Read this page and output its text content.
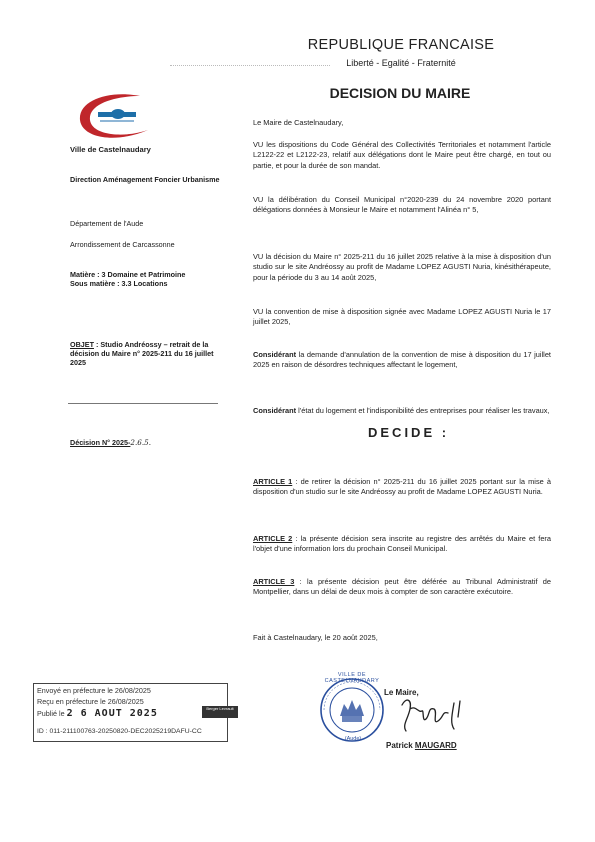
REPUBLIQUE FRANCAISE
Liberté - Egalité - Fraternité
DECISION DU MAIRE
Ville de Castelnaudary
Direction Aménagement Foncier Urbanisme
Département de l'Aude
Arrondissement de Carcassonne
Matière : 3 Domaine et Patrimoine
Sous matière : 3.3 Locations
OBJET : Studio Andréossy – retrait de la décision du Maire n° 2025-211 du 16 juillet 2025
Décision N° 2025-2.6.5.
Le Maire de Castelnaudary,
VU les dispositions du Code Général des Collectivités Territoriales et notamment l'article L2122-22 et L2122-23, relatif aux délégations dont le Maire peut être chargé, en tout ou partie, et pour la durée de son mandat.
VU la délibération du Conseil Municipal n°2020-239 du 24 novembre 2020 portant délégations données à Monsieur le Maire et notamment l'Alinéa n° 5,
VU la décision du Maire n° 2025-211 du 16 juillet 2025 relative à la mise à disposition d'un studio sur le site Andréossy au profit de Madame LOPEZ AGUSTI Nuria, kinésithérapeute, pour la période du 3 au 14 août 2025,
VU la convention de mise à disposition signée avec Madame LOPEZ AGUSTI Nuria le 17 juillet 2025,
Considérant la demande d'annulation de la convention de mise à disposition du 17 juillet 2025 en raison de désordres techniques affectant le logement,
Considérant l'état du logement et l'indisponibilité des entreprises pour réaliser les travaux,
DECIDE :
ARTICLE 1 : de retirer la décision n° 2025-211 du 16 juillet 2025 portant sur la mise à disposition d'un studio sur le site Andréossy au profit de Madame LOPEZ AGUSTI Nuria.
ARTICLE 2 : la présente décision sera inscrite au registre des arrêtés du Maire et fera l'objet d'une information lors du prochain Conseil Municipal.
ARTICLE 3 : la présente décision peut être déférée au Tribunal Administratif de Montpellier, dans un délai de deux mois à compter de son caractère exécutoire.
Fait à Castelnaudary, le 20 août 2025,
Envoyé en préfecture le 26/08/2025
Reçu en préfecture le 26/08/2025
Publié le 2 6 AOUT 2025	Berger Levrault
ID : 011-211100763-20250820-DEC2025219DAFU-CC
VILLE DE CASTELNAUDARY
(Aude)
Le Maire,
Patrick MAUGARD
